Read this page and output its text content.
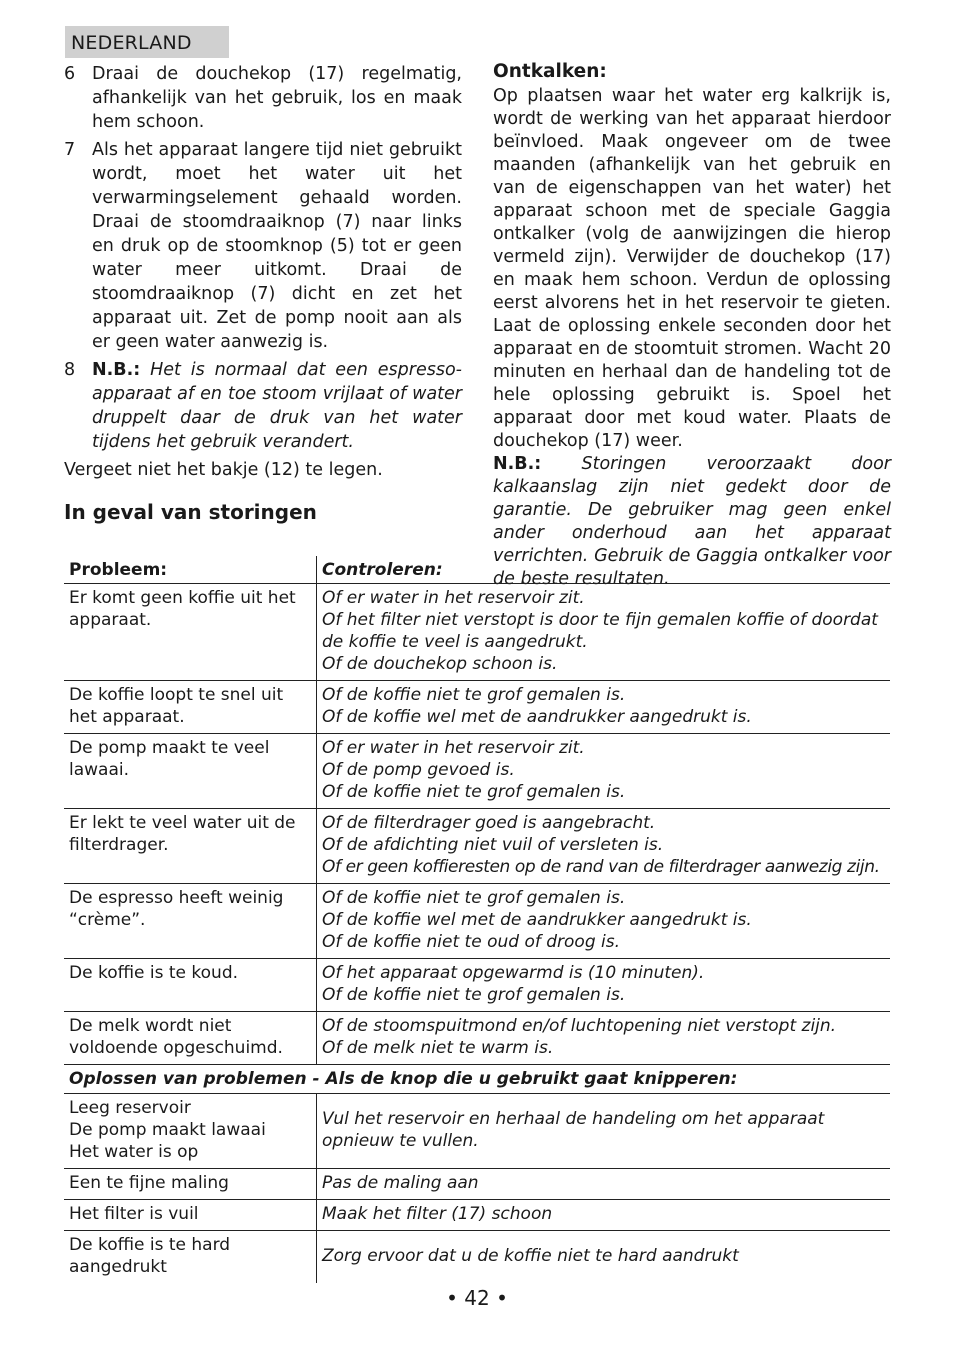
NEDERLAND
6 Draai de douchekop (17) regelmatig, afhankelijk van het gebruik, los en maak hem schoon.
7 Als het apparaat langere tijd niet gebruikt wordt, moet het water uit het verwarmingselement gehaald worden. Draai de stoomdraaiknop (7) naar links en druk op de stoomknop (5) tot er geen water meer uitkomt. Draai de stoomdraaiknop (7) dicht en zet het apparaat uit. Zet de pomp nooit aan als er geen water aanwezig is.
8 N.B.: Het is normaal dat een espresso-apparaat af en toe stoom vrijlaat of water druppelt daar de druk van het water tijdens het gebruik verandert.

Vergeet niet het bakje (12) te legen.

Ontkalken:

Op plaatsen waar het water erg kalkrijk is, wordt de werking van het apparaat hierdoor beïnvloed. Maak ongeveer om de twee maanden (afhankelijk van het gebruik en van de eigenschappen van het water) het apparaat schoon met de speciale Gaggia ontkalker (volg de aanwijzingen die hierop vermeld zijn). Verwijder de douchekop (17) en maak hem schoon. Verdun de oplossing eerst alvorens het in het reservoir te gieten. Laat de oplossing enkele seconden door het apparaat en de stoomtuit stromen. Wacht 20 minuten en herhaal dan de handeling tot de hele oplossing gebruikt is. Spoel het apparaat door met koud water. Plaats de douchekop (17) weer.

N.B.: Storingen veroorzaakt door kalkaanslag zijn niet gedekt door de garantie. De gebruiker mag geen enkel ander onderhoud aan het apparaat verrichten. Gebruik de Gaggia ontkalker voor de beste resultaten.

In geval van storingen
Probleem:	Controleren:
Er komt geen koffie uit het apparaat.	Of er water in het reservoir zit.
Of het filter niet verstopt is door te fijn gemalen koffie of doordat de koffie te veel is aangedrukt.
Of de douchekop schoon is.

De koffie loopt te snel uit het apparaat.	Of de koffie niet te grof gemalen is.
Of de koffie wel met de aandrukker aangedrukt is.

De pomp maakt te veel lawaai.	Of er water in het reservoir zit.
Of de pomp gevoed is.
Of de koffie niet te grof gemalen is.

Er lekt te veel water uit de filterdrager.	Of de filterdrager goed is aangebracht.
Of de afdichting niet vuil of versleten is.
Of er geen koffieresten op de rand van de filterdrager aanwezig zijn.

De espresso heeft weinig “crème”.	Of de koffie niet te grof gemalen is.
Of de koffie wel met de aandrukker aangedrukt is.
Of de koffie niet te oud of droog is.

De koffie is te koud.	Of het apparaat opgewarmd is (10 minuten).
Of de koffie niet te grof gemalen is.

De melk wordt niet voldoende opgeschuimd.	Of de stoomspuitmond en/of luchtopening niet verstopt zijn.
Of de melk niet te warm is.

Oplossen van problemen - Als de knop die u gebruikt gaat knipperen:	

Leeg reservoir
De pomp maakt lawaai
Het water is op	Vul het reservoir en herhaal de handeling om het apparaat opnieuw te vullen.

Een te fijne maling	Pas de maling aan

Het filter is vuil	Maak het filter (17) schoon

De koffie is te hard
aangedrukt	Zorg ervoor dat u de koffie niet te hard aandrukt
• 42 •
